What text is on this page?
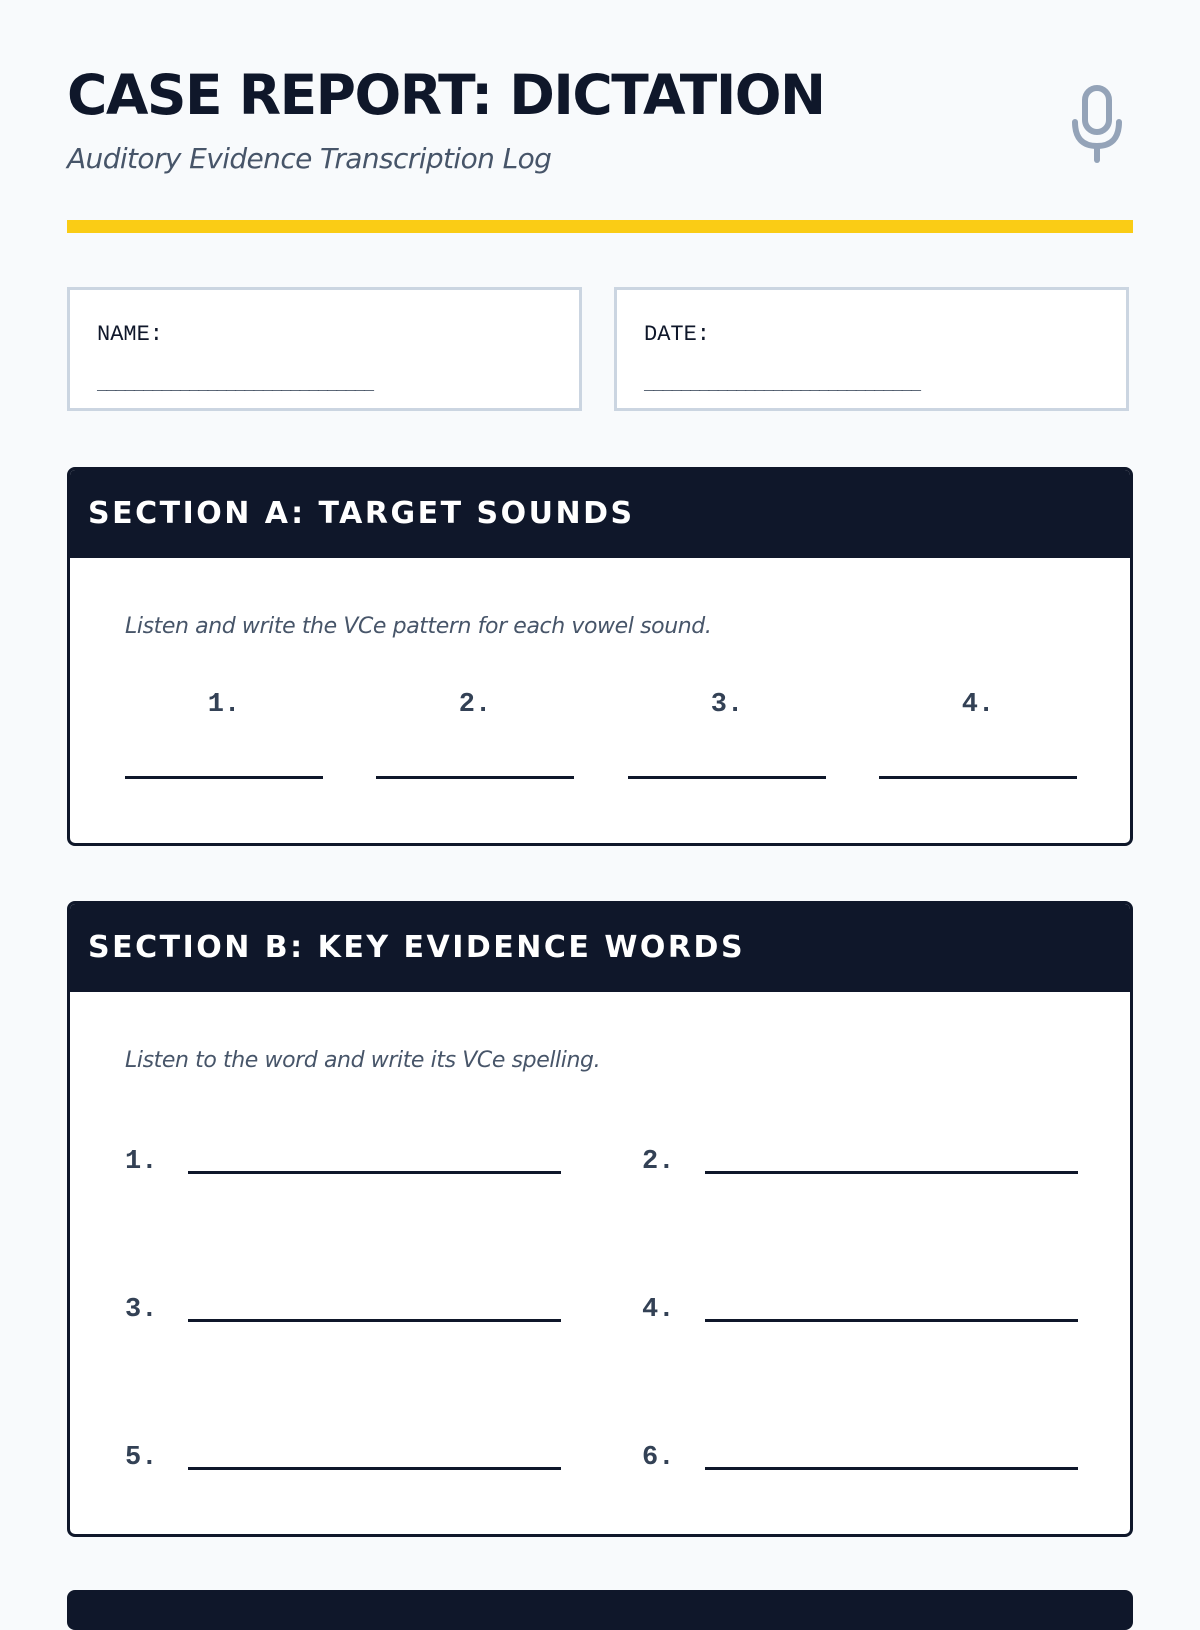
CASE REPORT: DICTATION
Auditory Evidence Transcription Log
NAME:
______________________________
DATE:
______________________________
SECTION A: TARGET SOUNDS
Listen and write the VCe pattern for each vowel sound.
1.	2.	3.	4.
SECTION B: KEY EVIDENCE WORDS
Listen to the word and write its VCe spelling.
1.	2.
3.	4.
5.	6.
